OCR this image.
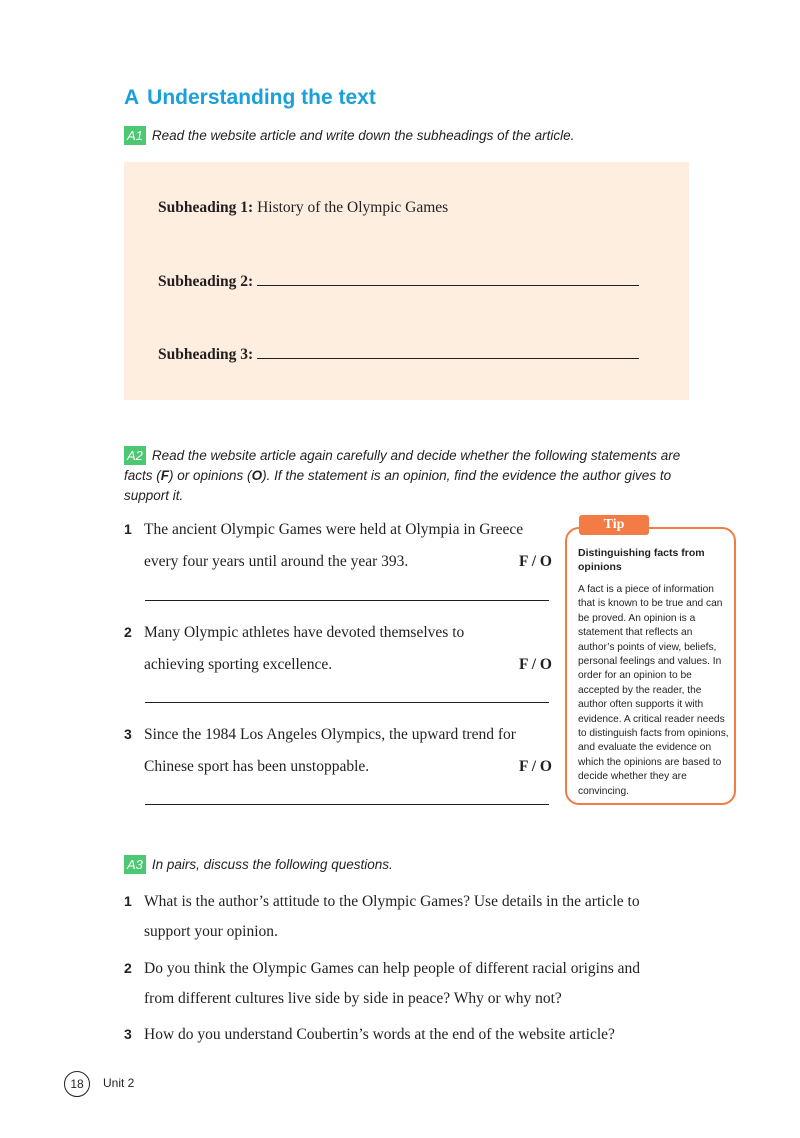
A Understanding the text
A1 Read the website article and write down the subheadings of the article.
Subheading 1: History of the Olympic Games
Subheading 2:
Subheading 3:
A2 Read the website article again carefully and decide whether the following statements are facts (F) or opinions (O). If the statement is an opinion, find the evidence the author gives to support it.
1 The ancient Olympic Games were held at Olympia in Greece
every four years until around the year 393.	F / O
2 Many Olympic athletes have devoted themselves to
achieving sporting excellence.	F / O
3 Since the 1984 Los Angeles Olympics, the upward trend for
Chinese sport has been unstoppable.	F / O
Tip
Distinguishing facts from opinions
A fact is a piece of information that is known to be true and can be proved. An opinion is a statement that reflects an author’s points of view, beliefs, personal feelings and values. In order for an opinion to be accepted by the reader, the author often supports it with evidence. A critical reader needs to distinguish facts from opinions, and evaluate the evidence on which the opinions are based to decide whether they are convincing.
A3 In pairs, discuss the following questions.
1 What is the author’s attitude to the Olympic Games? Use details in the article to
support your opinion.
2 Do you think the Olympic Games can help people of different racial origins and
from different cultures live side by side in peace? Why or why not?
3 How do you understand Coubertin’s words at the end of the website article?
18	Unit 2
